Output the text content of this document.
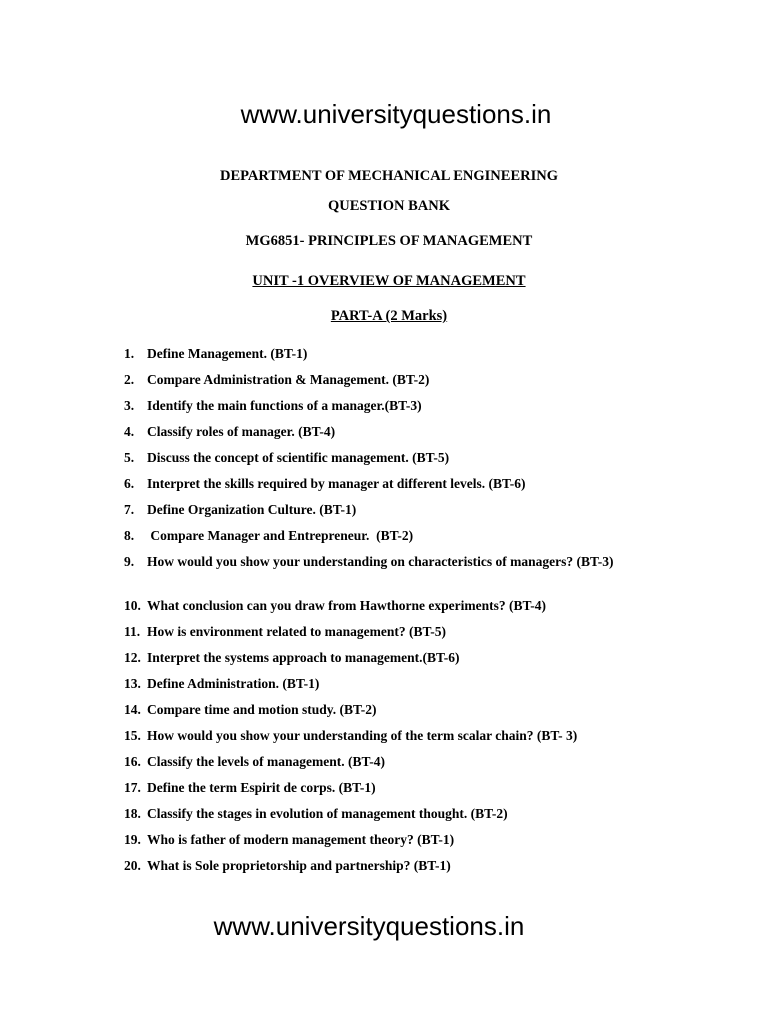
www.universityquestions.in
DEPARTMENT OF MECHANICAL ENGINEERING
QUESTION BANK
MG6851- PRINCIPLES OF MANAGEMENT
UNIT -1 OVERVIEW OF MANAGEMENT
PART-A (2 Marks)
1. Define Management. (BT-1)
2. Compare Administration & Management. (BT-2)
3. Identify the main functions of a manager.(BT-3)
4. Classify roles of manager. (BT-4)
5. Discuss the concept of scientific management. (BT-5)
6. Interpret the skills required by manager at different levels. (BT-6)
7. Define Organization Culture. (BT-1)
8. Compare Manager and Entrepreneur.  (BT-2)
9. How would you show your understanding on characteristics of managers? (BT-3)
10. What conclusion can you draw from Hawthorne experiments? (BT-4)
11. How is environment related to management? (BT-5)
12. Interpret the systems approach to management.(BT-6)
13. Define Administration. (BT-1)
14. Compare time and motion study. (BT-2)
15. How would you show your understanding of the term scalar chain? (BT- 3)
16. Classify the levels of management. (BT-4)
17. Define the term Espirit de corps. (BT-1)
18. Classify the stages in evolution of management thought. (BT-2)
19. Who is father of modern management theory? (BT-1)
20. What is Sole proprietorship and partnership? (BT-1)
www.universityquestions.in
